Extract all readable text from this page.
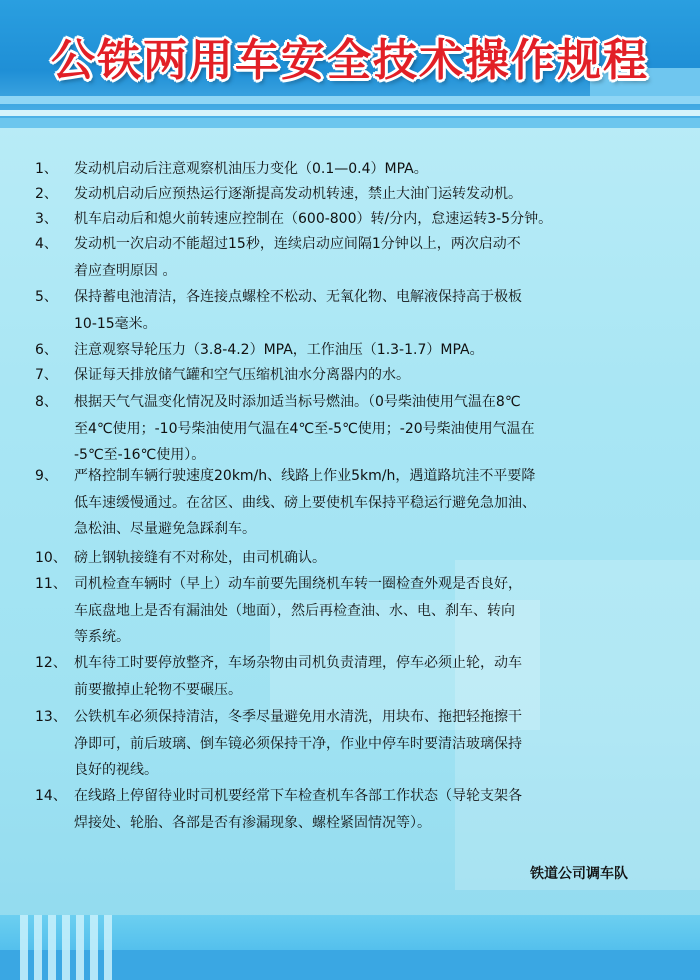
公铁两用车安全技术操作规程
1、 发动机启动后注意观察机油压力变化（0.1—0.4）MPA。
2、 发动机启动后应预热运行逐渐提高发动机转速，禁止大油门运转发动机。
3、 机车启动后和熄火前转速应控制在（600-800）转/分内，怠速运转3-5分钟。
4、 发动机一次启动不能超过15秒，连续启动应间隔1分钟以上，两次启动不
着应查明原因 。
5、 保持蓄电池清洁，各连接点螺栓不松动、无氧化物、电解液保持高于极板
10-15毫米。
6、 注意观察导轮压力（3.8-4.2）MPA，工作油压（1.3-1.7）MPA。
7、 保证每天排放储气罐和空气压缩机油水分离器内的水。
8、 根据天气气温变化情况及时添加适当标号燃油。（0号柴油使用气温在8℃
至4℃使用；-10号柴油使用气温在4℃至-5℃使用；-20号柴油使用气温在
-5℃至-16℃使用）。
9、 严格控制车辆行驶速度20km/h、线路上作业5km/h，遇道路坑洼不平要降
低车速缓慢通过。在岔区、曲线、磅上要使机车保持平稳运行避免急加油、
急松油、尽量避免急踩刹车。
10、 磅上钢轨接缝有不对称处，由司机确认。
11、 司机检查车辆时（早上）动车前要先围绕机车转一圈检查外观是否良好，
车底盘地上是否有漏油处（地面），然后再检查油、水、电、刹车、转向
等系统。
12、 机车待工时要停放整齐，车场杂物由司机负责清理，停车必须止轮，动车
前要撤掉止轮物不要碾压。
13、 公铁机车必须保持清洁，冬季尽量避免用水清洗，用块布、拖把轻拖擦干
净即可，前后玻璃、倒车镜必须保持干净，作业中停车时要清洁玻璃保持
良好的视线。
14、 在线路上停留待业时司机要经常下车检查机车各部工作状态（导轮支架各
焊接处、轮胎、各部是否有渗漏现象、螺栓紧固情况等）。
铁道公司调车队
